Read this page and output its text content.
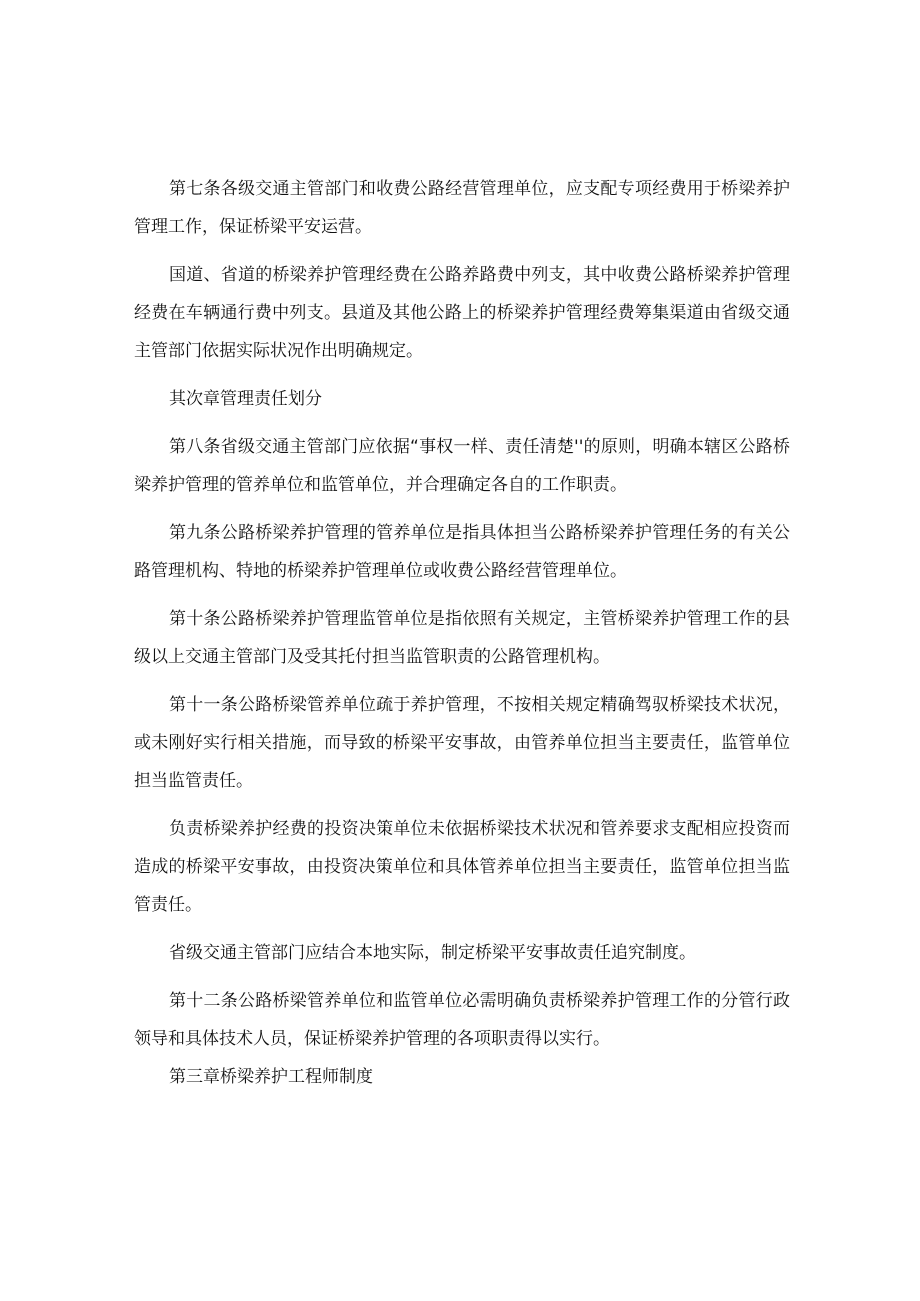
第七条各级交通主管部门和收费公路经营管理单位，应支配专项经费用于桥梁养护管理工作，保证桥梁平安运营。

国道、省道的桥梁养护管理经费在公路养路费中列支，其中收费公路桥梁养护管理经费在车辆通行费中列支。县道及其他公路上的桥梁养护管理经费筹集渠道由省级交通主管部门依据实际状况作出明确规定。

其次章管理责任划分

第八条省级交通主管部门应依据“事权一样、责任清楚''的原则，明确本辖区公路桥梁养护管理的管养单位和监管单位，并合理确定各自的工作职责。

第九条公路桥梁养护管理的管养单位是指具体担当公路桥梁养护管理任务的有关公路管理机构、特地的桥梁养护管理单位或收费公路经营管理单位。

第十条公路桥梁养护管理监管单位是指依照有关规定，主管桥梁养护管理工作的县级以上交通主管部门及受其托付担当监管职责的公路管理机构。

第十一条公路桥梁管养单位疏于养护管理，不按相关规定精确驾驭桥梁技术状况，或未刚好实行相关措施，而导致的桥梁平安事故，由管养单位担当主要责任，监管单位担当监管责任。

负责桥梁养护经费的投资决策单位未依据桥梁技术状况和管养要求支配相应投资而造成的桥梁平安事故，由投资决策单位和具体管养单位担当主要责任，监管单位担当监管责任。

省级交通主管部门应结合本地实际，制定桥梁平安事故责任追究制度。

第十二条公路桥梁管养单位和监管单位必需明确负责桥梁养护管理工作的分管行政领导和具体技术人员，保证桥梁养护管理的各项职责得以实行。

第三章桥梁养护工程师制度
